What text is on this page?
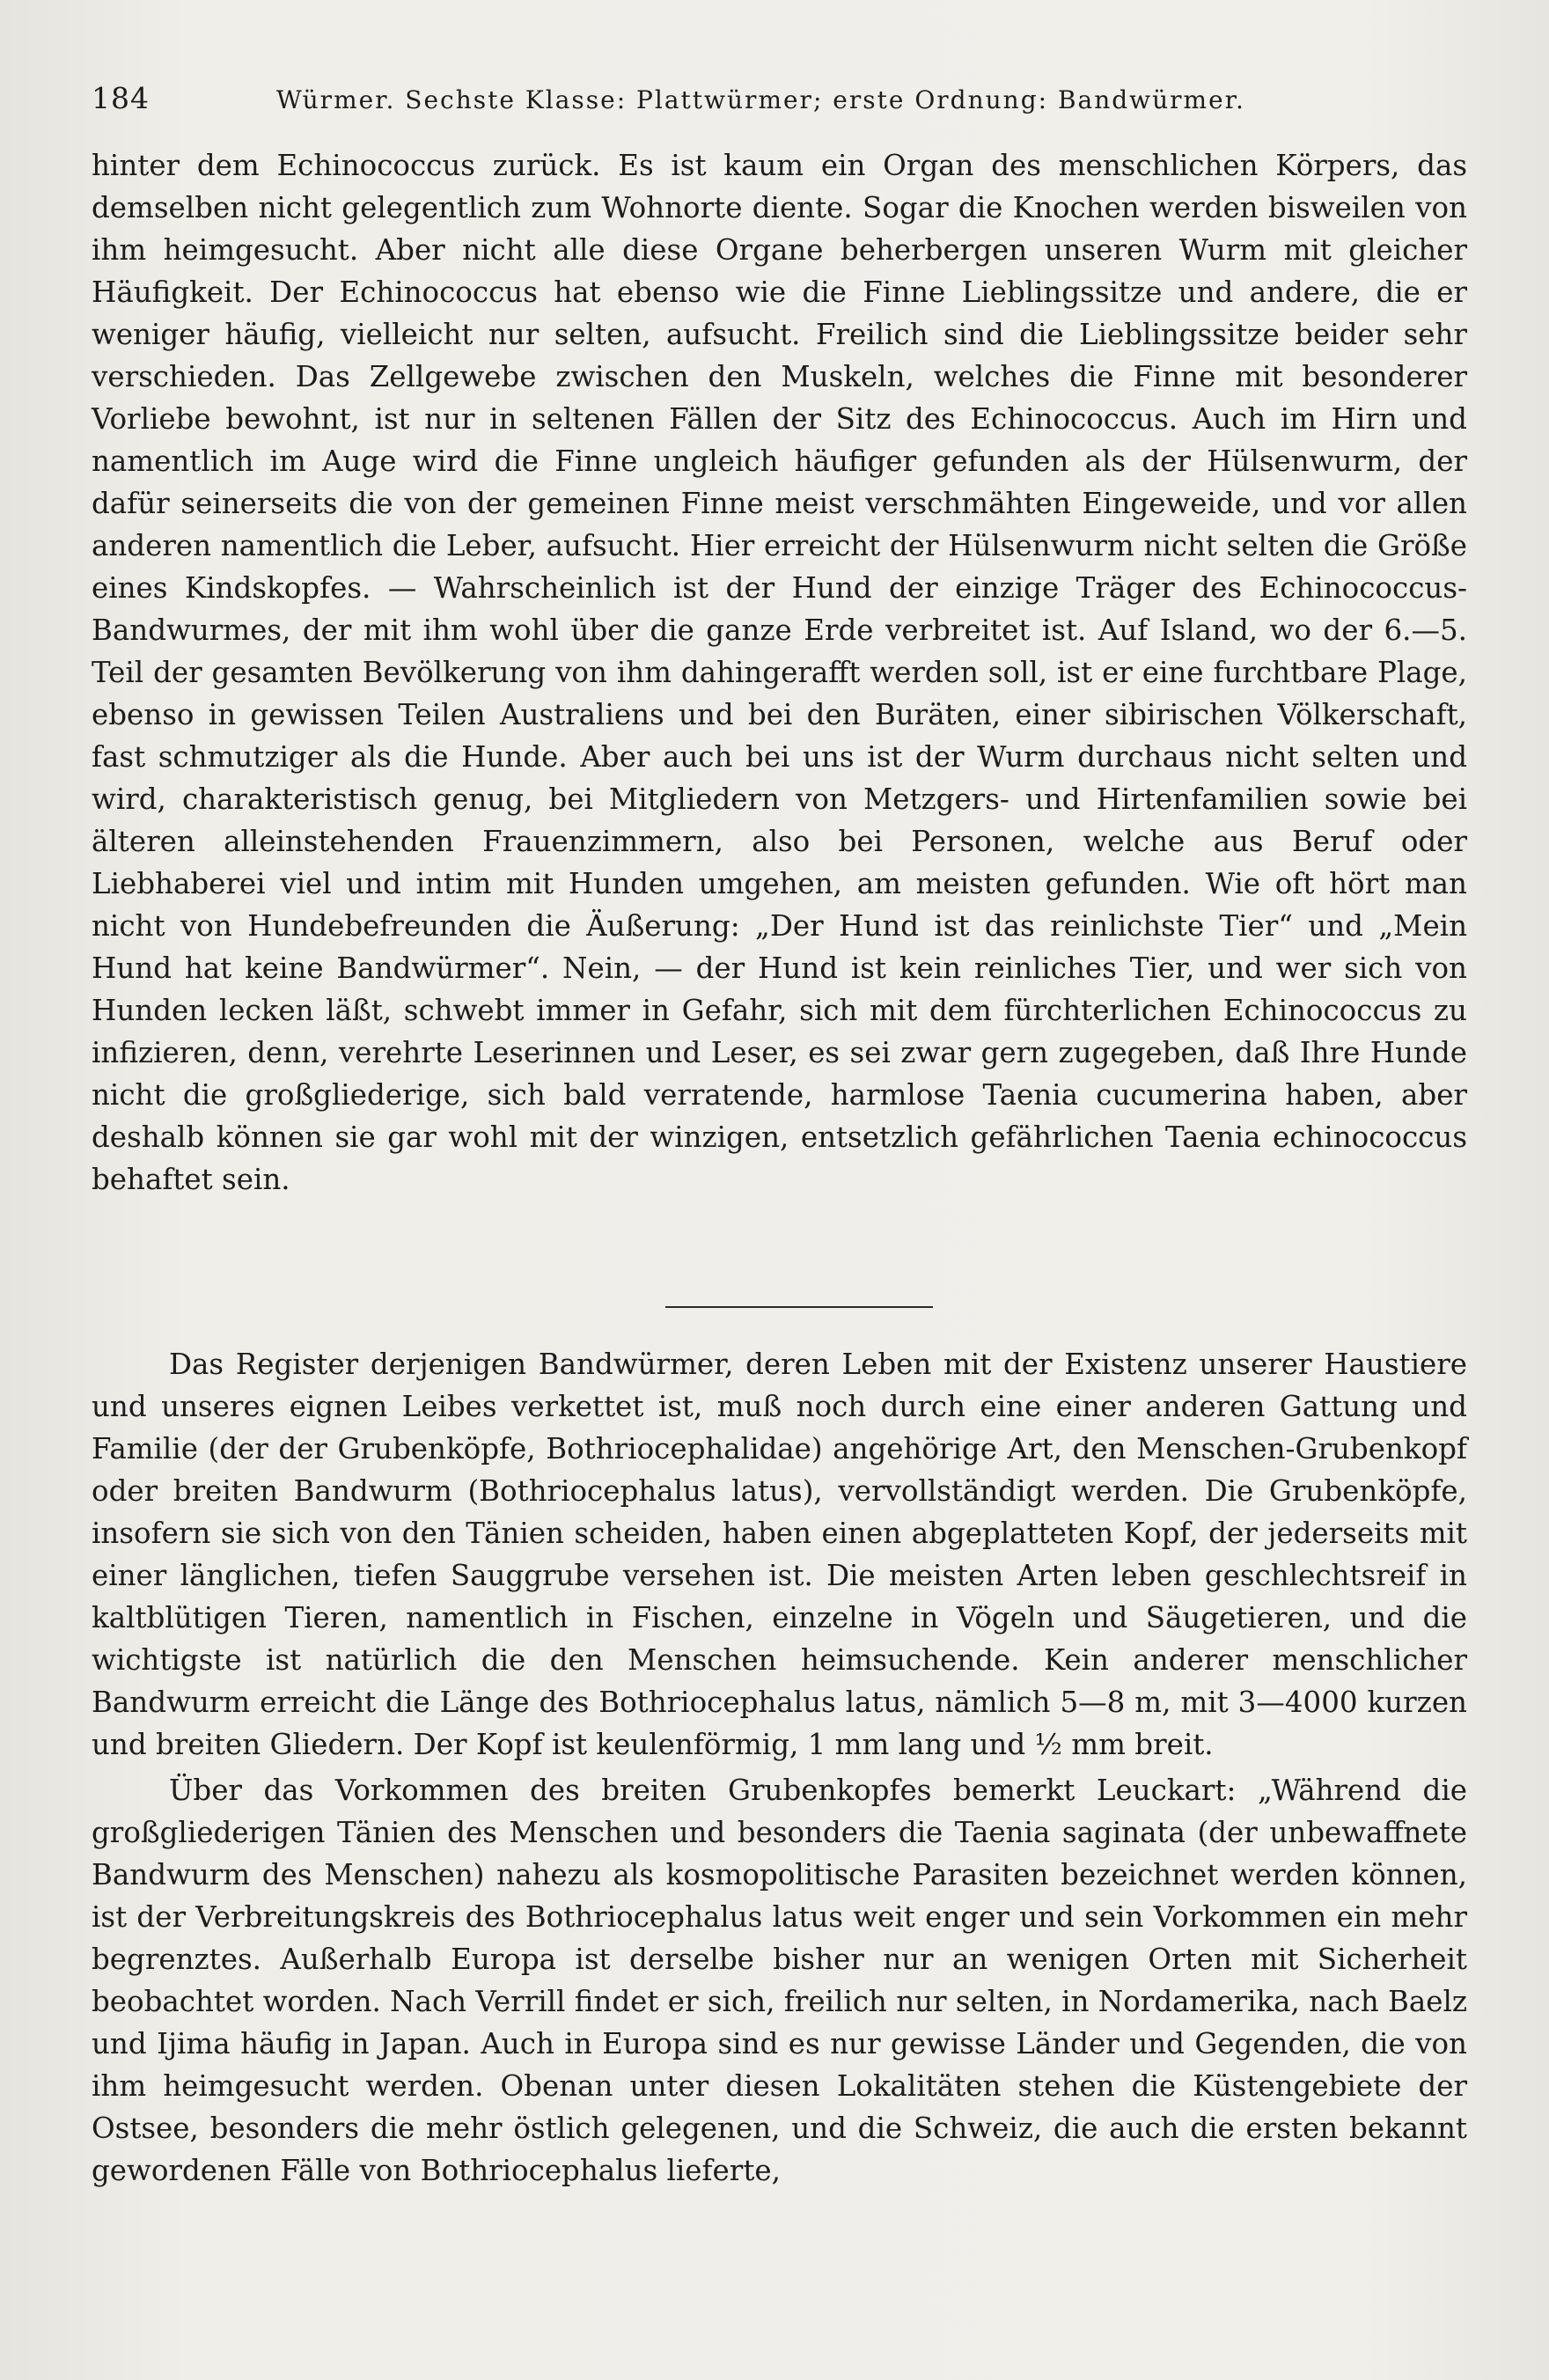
184	Würmer. Sechste Klasse: Plattwürmer; erste Ordnung: Bandwürmer.

hinter dem Echinococcus zurück. Es ist kaum ein Organ des menschlichen Körpers, das demselben nicht gelegentlich zum Wohnorte diente. Sogar die Knochen werden bisweilen von ihm heimgesucht. Aber nicht alle diese Organe beherbergen unseren Wurm mit gleicher Häufigkeit. Der Echinococcus hat ebenso wie die Finne Lieblingssitze und andere, die er weniger häufig, vielleicht nur selten, aufsucht. Freilich sind die Lieblingssitze beider sehr verschieden. Das Zellgewebe zwischen den Muskeln, welches die Finne mit besonderer Vorliebe bewohnt, ist nur in seltenen Fällen der Sitz des Echinococcus. Auch im Hirn und namentlich im Auge wird die Finne ungleich häufiger gefunden als der Hülsenwurm, der dafür seinerseits die von der gemeinen Finne meist verschmähten Eingeweide, und vor allen anderen namentlich die Leber, aufsucht. Hier erreicht der Hülsenwurm nicht selten die Größe eines Kindskopfes. — Wahrscheinlich ist der Hund der einzige Träger des Echinococcus-Bandwurmes, der mit ihm wohl über die ganze Erde verbreitet ist. Auf Island, wo der 6.—5. Teil der gesamten Bevölkerung von ihm dahingerafft werden soll, ist er eine furchtbare Plage, ebenso in gewissen Teilen Australiens und bei den Buräten, einer sibirischen Völkerschaft, fast schmutziger als die Hunde. Aber auch bei uns ist der Wurm durchaus nicht selten und wird, charakteristisch genug, bei Mitgliedern von Metzgers- und Hirtenfamilien sowie bei älteren alleinstehenden Frauenzimmern, also bei Personen, welche aus Beruf oder Liebhaberei viel und intim mit Hunden umgehen, am meisten gefunden. Wie oft hört man nicht von Hundebefreunden die Äußerung: „Der Hund ist das reinlichste Tier“ und „Mein Hund hat keine Bandwürmer“. Nein, — der Hund ist kein reinliches Tier, und wer sich von Hunden lecken läßt, schwebt immer in Gefahr, sich mit dem fürchterlichen Echinococcus zu infizieren, denn, verehrte Leserinnen und Leser, es sei zwar gern zugegeben, daß Ihre Hunde nicht die großgliederige, sich bald verratende, harmlose Taenia cucumerina haben, aber deshalb können sie gar wohl mit der winzigen, entsetzlich gefährlichen Taenia echinococcus behaftet sein.

Das Register derjenigen Bandwürmer, deren Leben mit der Existenz unserer Haustiere und unseres eignen Leibes verkettet ist, muß noch durch eine einer anderen Gattung und Familie (der der Grubenköpfe, Bothriocephalidae) angehörige Art, den Menschen-Grubenkopf oder breiten Bandwurm (Bothriocephalus latus), vervollständigt werden. Die Grubenköpfe, insofern sie sich von den Tänien scheiden, haben einen abgeplatteten Kopf, der jederseits mit einer länglichen, tiefen Sauggrube versehen ist. Die meisten Arten leben geschlechtsreif in kaltblütigen Tieren, namentlich in Fischen, einzelne in Vögeln und Säugetieren, und die wichtigste ist natürlich die den Menschen heimsuchende. Kein anderer menschlicher Bandwurm erreicht die Länge des Bothriocephalus latus, nämlich 5—8 m, mit 3—4000 kurzen und breiten Gliedern. Der Kopf ist keulenförmig, 1 mm lang und ½ mm breit.

Über das Vorkommen des breiten Grubenkopfes bemerkt Leuckart: „Während die großgliederigen Tänien des Menschen und besonders die Taenia saginata (der unbewaffnete Bandwurm des Menschen) nahezu als kosmopolitische Parasiten bezeichnet werden können, ist der Verbreitungskreis des Bothriocephalus latus weit enger und sein Vorkommen ein mehr begrenztes. Außerhalb Europa ist derselbe bisher nur an wenigen Orten mit Sicherheit beobachtet worden. Nach Verrill findet er sich, freilich nur selten, in Nordamerika, nach Baelz und Ijima häufig in Japan. Auch in Europa sind es nur gewisse Länder und Gegenden, die von ihm heimgesucht werden. Obenan unter diesen Lokalitäten stehen die Küstengebiete der Ostsee, besonders die mehr östlich gelegenen, und die Schweiz, die auch die ersten bekannt gewordenen Fälle von Bothriocephalus lieferte,
